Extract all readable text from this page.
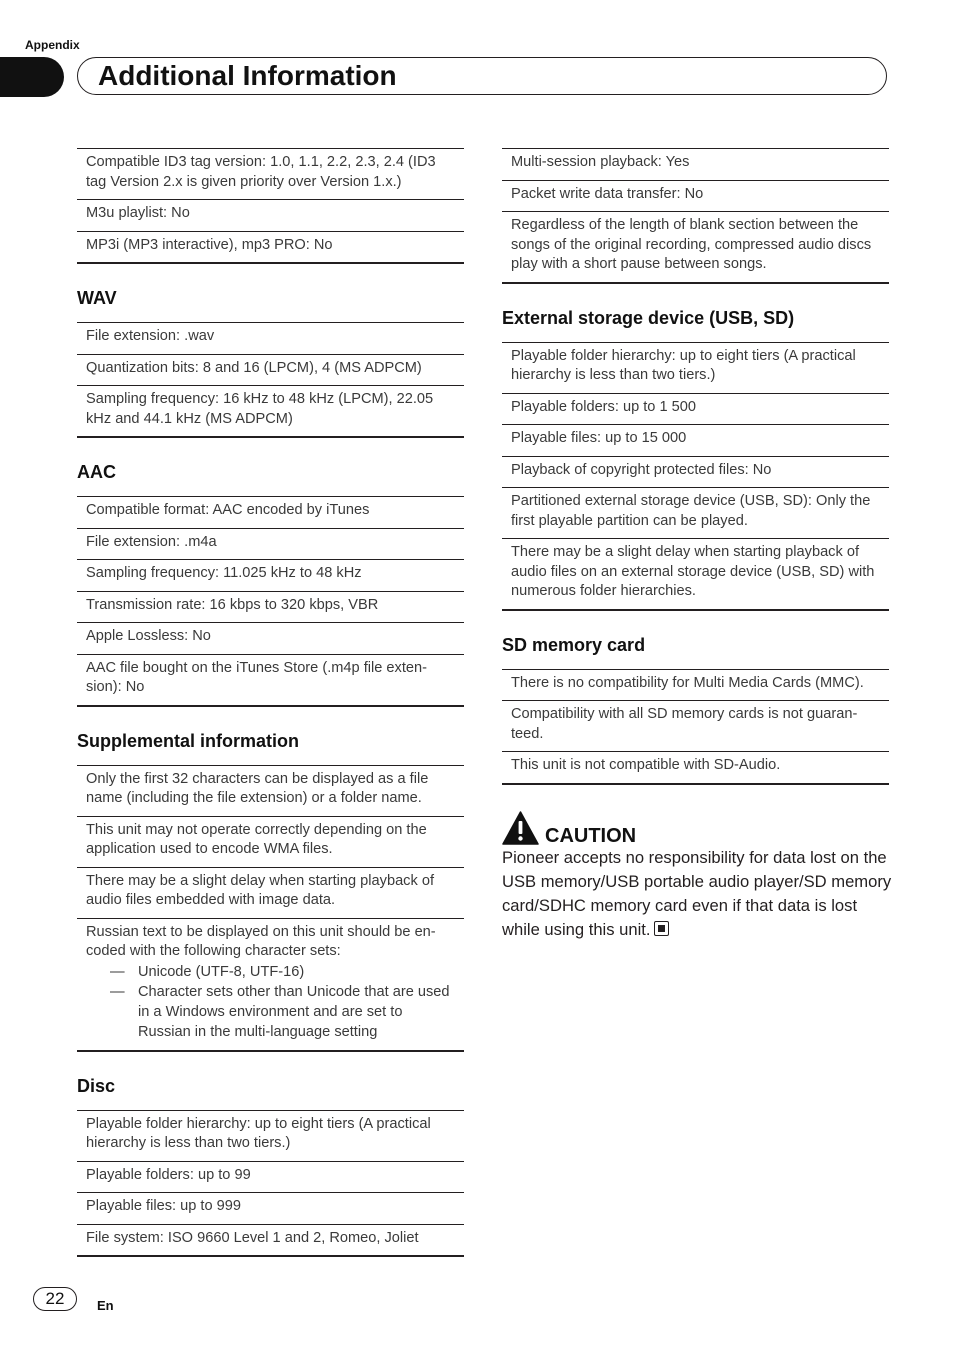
Appendix
Additional Information
Compatible ID3 tag version: 1.0, 1.1, 2.2, 2.3, 2.4 (ID3 tag Version 2.x is given priority over Version 1.x.)
M3u playlist: No
MP3i (MP3 interactive), mp3 PRO: No
WAV
File extension: .wav
Quantization bits: 8 and 16 (LPCM), 4 (MS ADPCM)
Sampling frequency: 16 kHz to 48 kHz (LPCM), 22.05 kHz and 44.1 kHz (MS ADPCM)
AAC
Compatible format: AAC encoded by iTunes
File extension: .m4a
Sampling frequency: 11.025 kHz to 48 kHz
Transmission rate: 16 kbps to 320 kbps, VBR
Apple Lossless: No
AAC file bought on the iTunes Store (.m4p file exten-sion): No
Supplemental information
Only the first 32 characters can be displayed as a file name (including the file extension) or a folder name.
This unit may not operate correctly depending on the application used to encode WMA files.
There may be a slight delay when starting playback of audio files embedded with image data.
Russian text to be displayed on this unit should be en-coded with the following character sets:
— Unicode (UTF-8, UTF-16)
— Character sets other than Unicode that are used in a Windows environment and are set to Russian in the multi-language setting
Disc
Playable folder hierarchy: up to eight tiers (A practical hierarchy is less than two tiers.)
Playable folders: up to 99
Playable files: up to 999
File system: ISO 9660 Level 1 and 2, Romeo, Joliet
Multi-session playback: Yes
Packet write data transfer: No
Regardless of the length of blank section between the songs of the original recording, compressed audio discs play with a short pause between songs.
External storage device (USB, SD)
Playable folder hierarchy: up to eight tiers (A practical hierarchy is less than two tiers.)
Playable folders: up to 1 500
Playable files: up to 15 000
Playback of copyright protected files: No
Partitioned external storage device (USB, SD): Only the first playable partition can be played.
There may be a slight delay when starting playback of audio files on an external storage device (USB, SD) with numerous folder hierarchies.
SD memory card
There is no compatibility for Multi Media Cards (MMC).
Compatibility with all SD memory cards is not guaran-teed.
This unit is not compatible with SD-Audio.
CAUTION
Pioneer accepts no responsibility for data lost on the USB memory/USB portable audio player/SD memory card/SDHC memory card even if that data is lost while using this unit.
22	En
